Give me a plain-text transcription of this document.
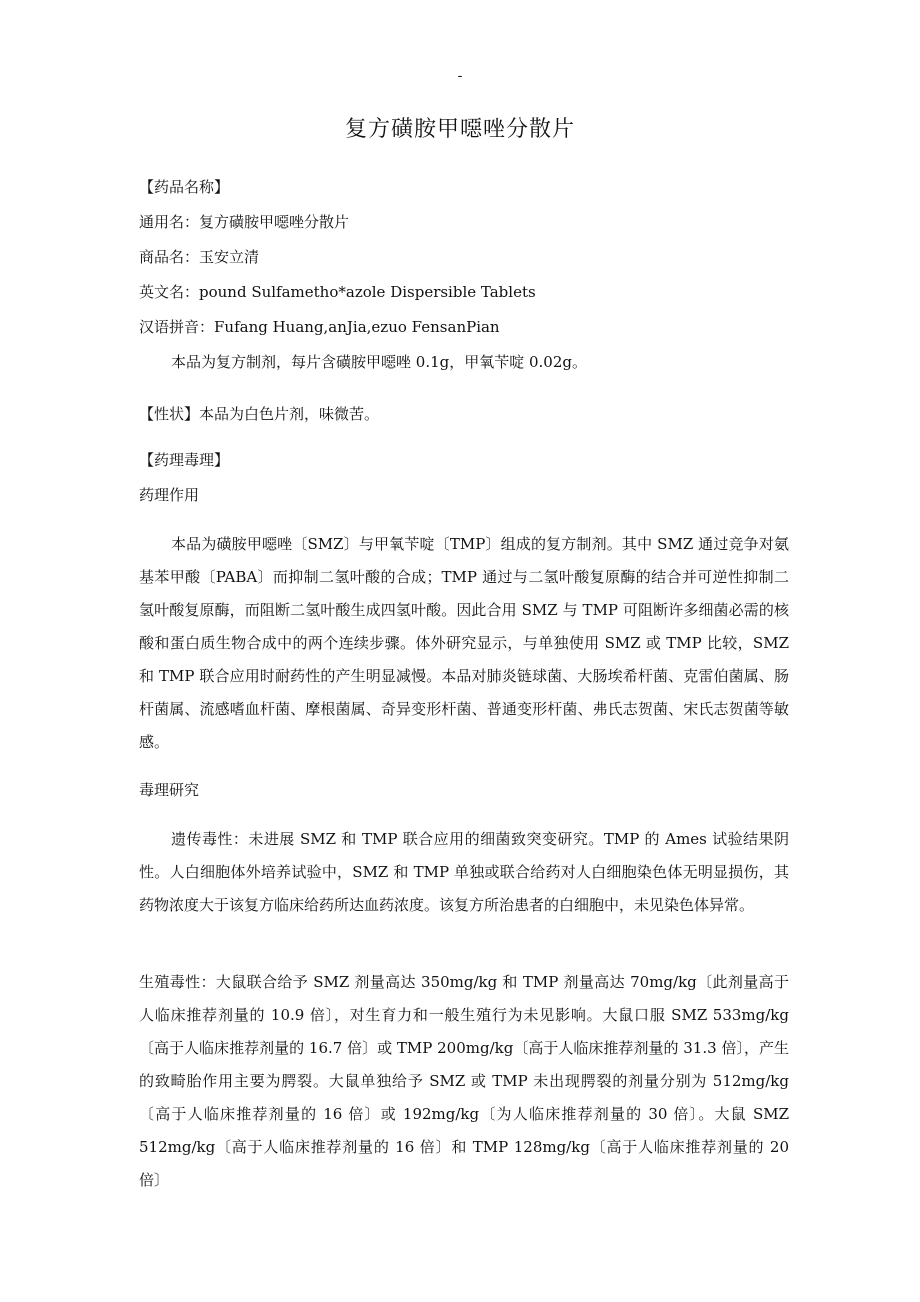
-
复方磺胺甲噁唑分散片
【药品名称】
通用名：复方磺胺甲噁唑分散片
商品名：玉安立清
英文名：pound Sulfametho*azole Dispersible Tablets
汉语拼音：Fufang Huang,anJia,ezuo FensanPian
本品为复方制剂，每片含磺胺甲噁唑 0.1g，甲氧苄啶 0.02g。
【性状】本品为白色片剂，味微苦。
【药理毒理】
药理作用
本品为磺胺甲噁唑〔SMZ〕与甲氧苄啶〔TMP〕组成的复方制剂。其中 SMZ 通过竞争对氨基苯甲酸〔PABA〕而抑制二氢叶酸的合成；TMP 通过与二氢叶酸复原酶的结合并可逆性抑制二氢叶酸复原酶，而阻断二氢叶酸生成四氢叶酸。因此合用 SMZ 与 TMP 可阻断许多细菌必需的核酸和蛋白质生物合成中的两个连续步骤。体外研究显示，与单独使用 SMZ 或 TMP 比较，SMZ 和 TMP 联合应用时耐药性的产生明显减慢。本品对肺炎链球菌、大肠埃希杆菌、克雷伯菌属、肠杆菌属、流感嗜血杆菌、摩根菌属、奇异变形杆菌、普通变形杆菌、弗氏志贺菌、宋氏志贺菌等敏感。
毒理研究
遗传毒性：未进展 SMZ 和 TMP 联合应用的细菌致突变研究。TMP 的 Ames 试验结果阴性。人白细胞体外培养试验中，SMZ 和 TMP 单独或联合给药对人白细胞染色体无明显损伤，其药物浓度大于该复方临床给药所达血药浓度。该复方所治患者的白细胞中，未见染色体异常。
生殖毒性：大鼠联合给予 SMZ 剂量高达 350mg/kg 和 TMP 剂量高达 70mg/kg〔此剂量高于人临床推荐剂量的 10.9 倍〕，对生育力和一般生殖行为未见影响。大鼠口服 SMZ 533mg/kg〔高于人临床推荐剂量的 16.7 倍〕或 TMP 200mg/kg〔高于人临床推荐剂量的 31.3 倍〕，产生的致畸胎作用主要为腭裂。大鼠单独给予 SMZ 或 TMP 未出现腭裂的剂量分别为 512mg/kg 〔高于人临床推荐剂量的 16 倍〕或 192mg/kg〔为人临床推荐剂量的 30 倍〕。大鼠 SMZ 512mg/kg〔高于人临床推荐剂量的 16 倍〕和 TMP 128mg/kg〔高于人临床推荐剂量的 20 倍〕
